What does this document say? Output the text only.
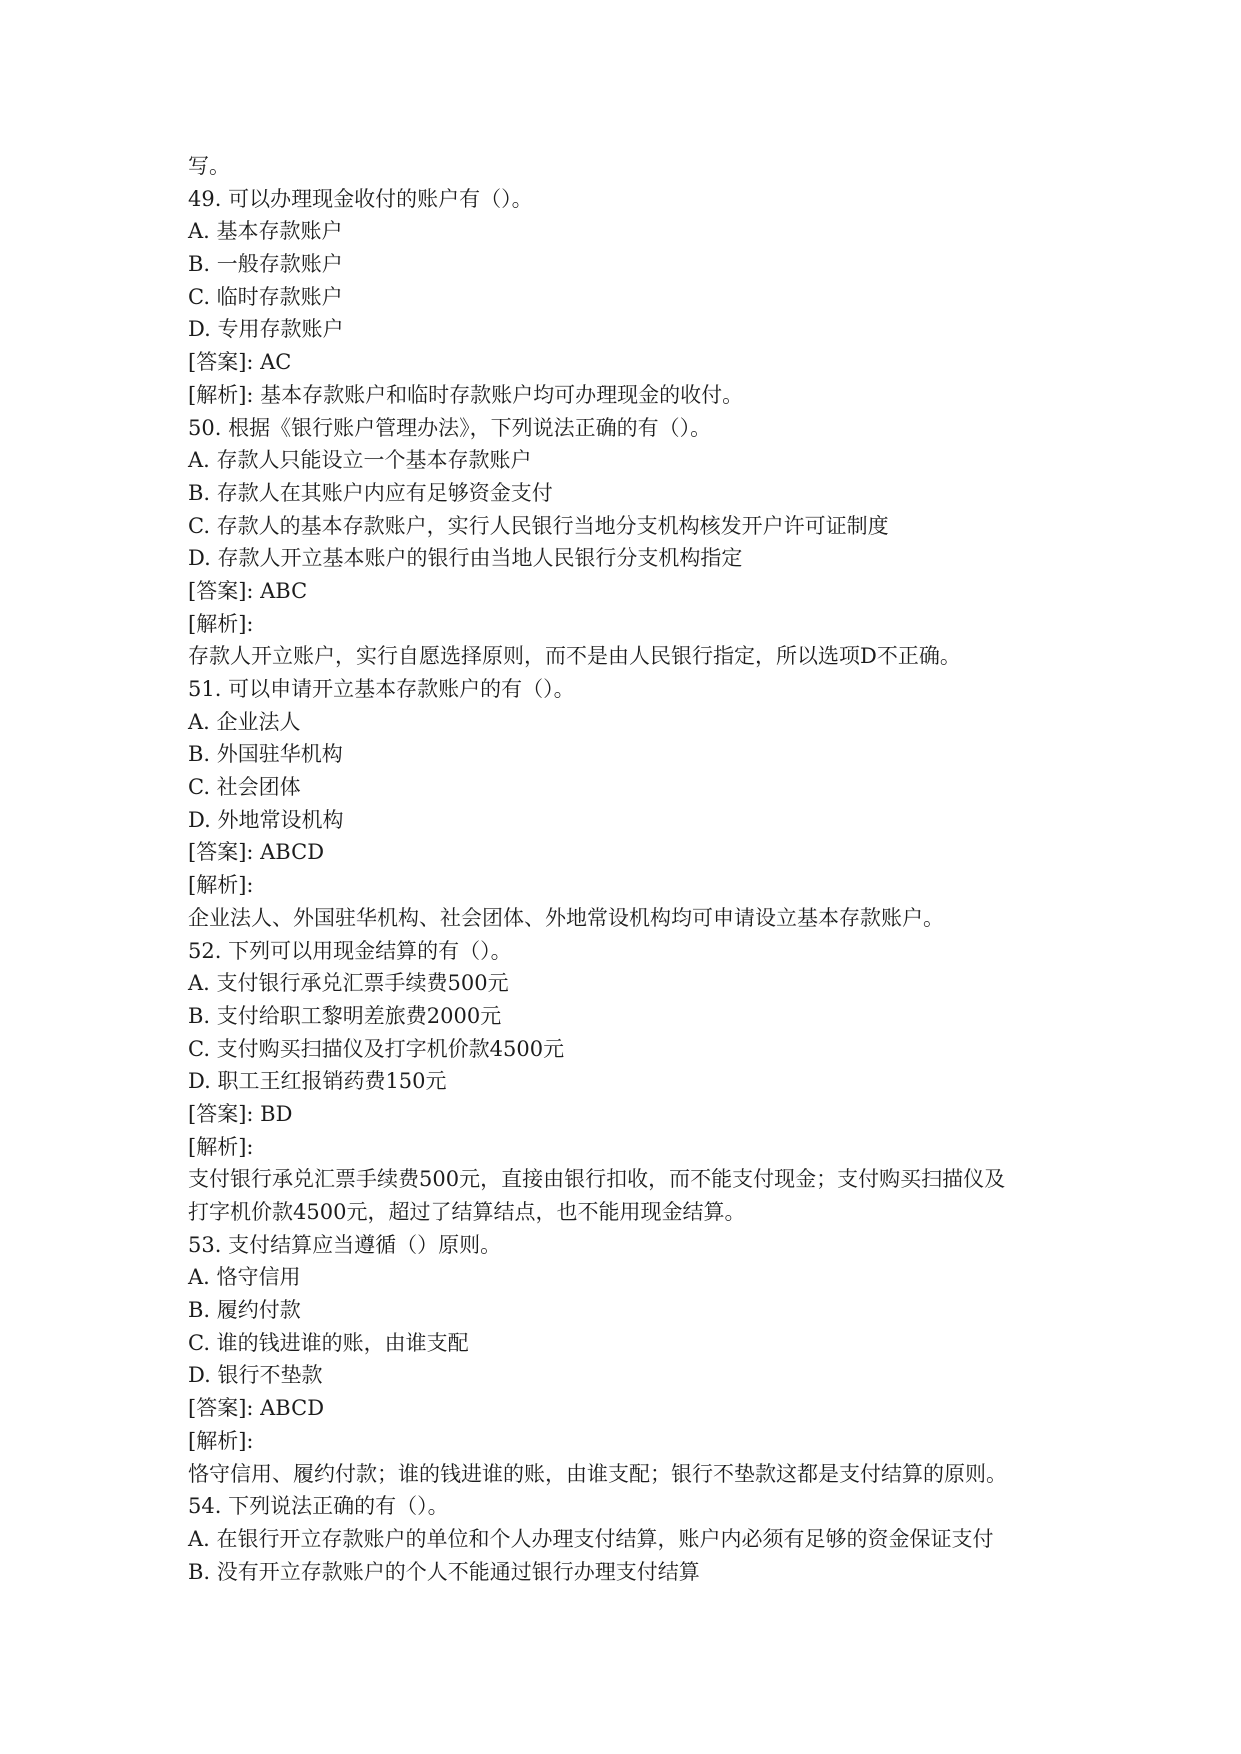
写。
49. 可以办理现金收付的账户有（）。
A. 基本存款账户
B. 一般存款账户
C. 临时存款账户
D. 专用存款账户
[答案]: AC
[解析]: 基本存款账户和临时存款账户均可办理现金的收付。
50. 根据《银行账户管理办法》，下列说法正确的有（）。
A. 存款人只能设立一个基本存款账户
B. 存款人在其账户内应有足够资金支付
C. 存款人的基本存款账户，实行人民银行当地分支机构核发开户许可证制度
D. 存款人开立基本账户的银行由当地人民银行分支机构指定
[答案]: ABC
[解析]:
存款人开立账户，实行自愿选择原则，而不是由人民银行指定，所以选项D不正确。
51. 可以申请开立基本存款账户的有（）。
A. 企业法人
B. 外国驻华机构
C. 社会团体
D. 外地常设机构
[答案]: ABCD
[解析]:
企业法人、外国驻华机构、社会团体、外地常设机构均可申请设立基本存款账户。
52. 下列可以用现金结算的有（）。
A. 支付银行承兑汇票手续费500元
B. 支付给职工黎明差旅费2000元
C. 支付购买扫描仪及打字机价款4500元
D. 职工王红报销药费150元
[答案]: BD
[解析]:
支付银行承兑汇票手续费500元，直接由银行扣收，而不能支付现金；支付购买扫描仪及
打字机价款4500元，超过了结算结点，也不能用现金结算。
53. 支付结算应当遵循（）原则。
A. 恪守信用
B. 履约付款
C. 谁的钱进谁的账，由谁支配
D. 银行不垫款
[答案]: ABCD
[解析]:
恪守信用、履约付款；谁的钱进谁的账，由谁支配；银行不垫款这都是支付结算的原则。
54. 下列说法正确的有（）。
A. 在银行开立存款账户的单位和个人办理支付结算，账户内必须有足够的资金保证支付
B. 没有开立存款账户的个人不能通过银行办理支付结算
